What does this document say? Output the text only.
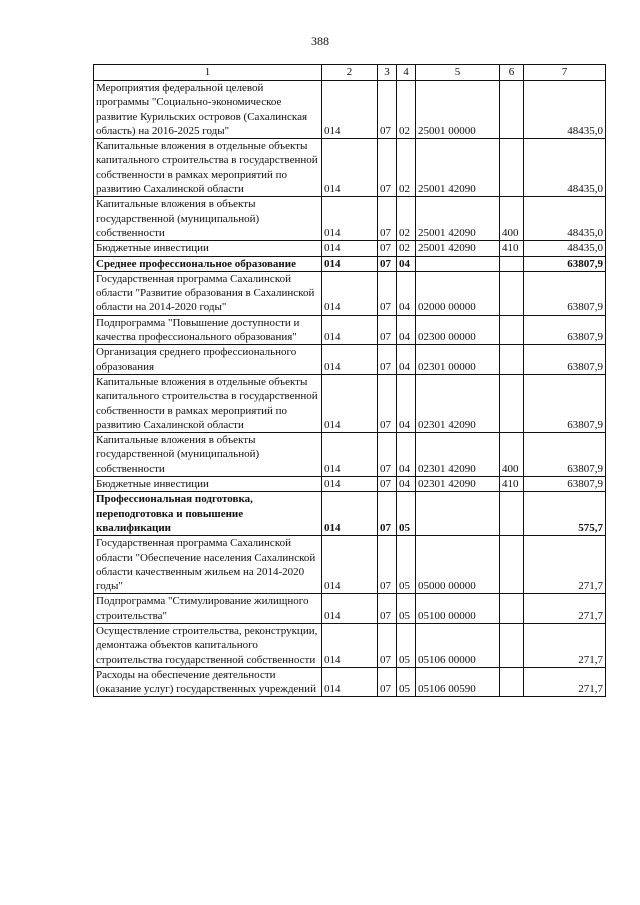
388
1	2	3	4	5	6	7
Мероприятия федеральной целевой программы "Социально-экономическое развитие Курильских островов (Сахалинская область) на 2016-2025 годы"	014	07	02	25001 00000		48435,0
Капитальные вложения в отдельные объекты капитального строительства в государственной собственности в рамках мероприятий по развитию Сахалинской области	014	07	02	25001 42090		48435,0
Капитальные вложения в объекты государственной (муниципальной) собственности	014	07	02	25001 42090	400	48435,0
Бюджетные инвестиции	014	07	02	25001 42090	410	48435,0
Среднее профессиональное образование	014	07	04			63807,9
Государственная программа Сахалинской области "Развитие образования в Сахалинской области на 2014-2020 годы"	014	07	04	02000 00000		63807,9
Подпрограмма "Повышение доступности и качества профессионального образования"	014	07	04	02300 00000		63807,9
Организация среднего профессионального образования	014	07	04	02301 00000		63807,9
Капитальные вложения в отдельные объекты капитального строительства в государственной собственности в рамках мероприятий по развитию Сахалинской области	014	07	04	02301 42090		63807,9
Капитальные вложения в объекты государственной (муниципальной) собственности	014	07	04	02301 42090	400	63807,9
Бюджетные инвестиции	014	07	04	02301 42090	410	63807,9
Профессиональная подготовка, переподготовка и повышение квалификации	014	07	05			575,7
Государственная программа Сахалинской области "Обеспечение населения Сахалинской области качественным жильем на 2014-2020 годы"	014	07	05	05000 00000		271,7
Подпрограмма "Стимулирование жилищного строительства"	014	07	05	05100 00000		271,7
Осуществление строительства, реконструкции, демонтажа объектов капитального строительства государственной собственности	014	07	05	05106 00000		271,7
Расходы на обеспечение деятельности (оказание услуг) государственных учреждений	014	07	05	05106 00590		271,7
